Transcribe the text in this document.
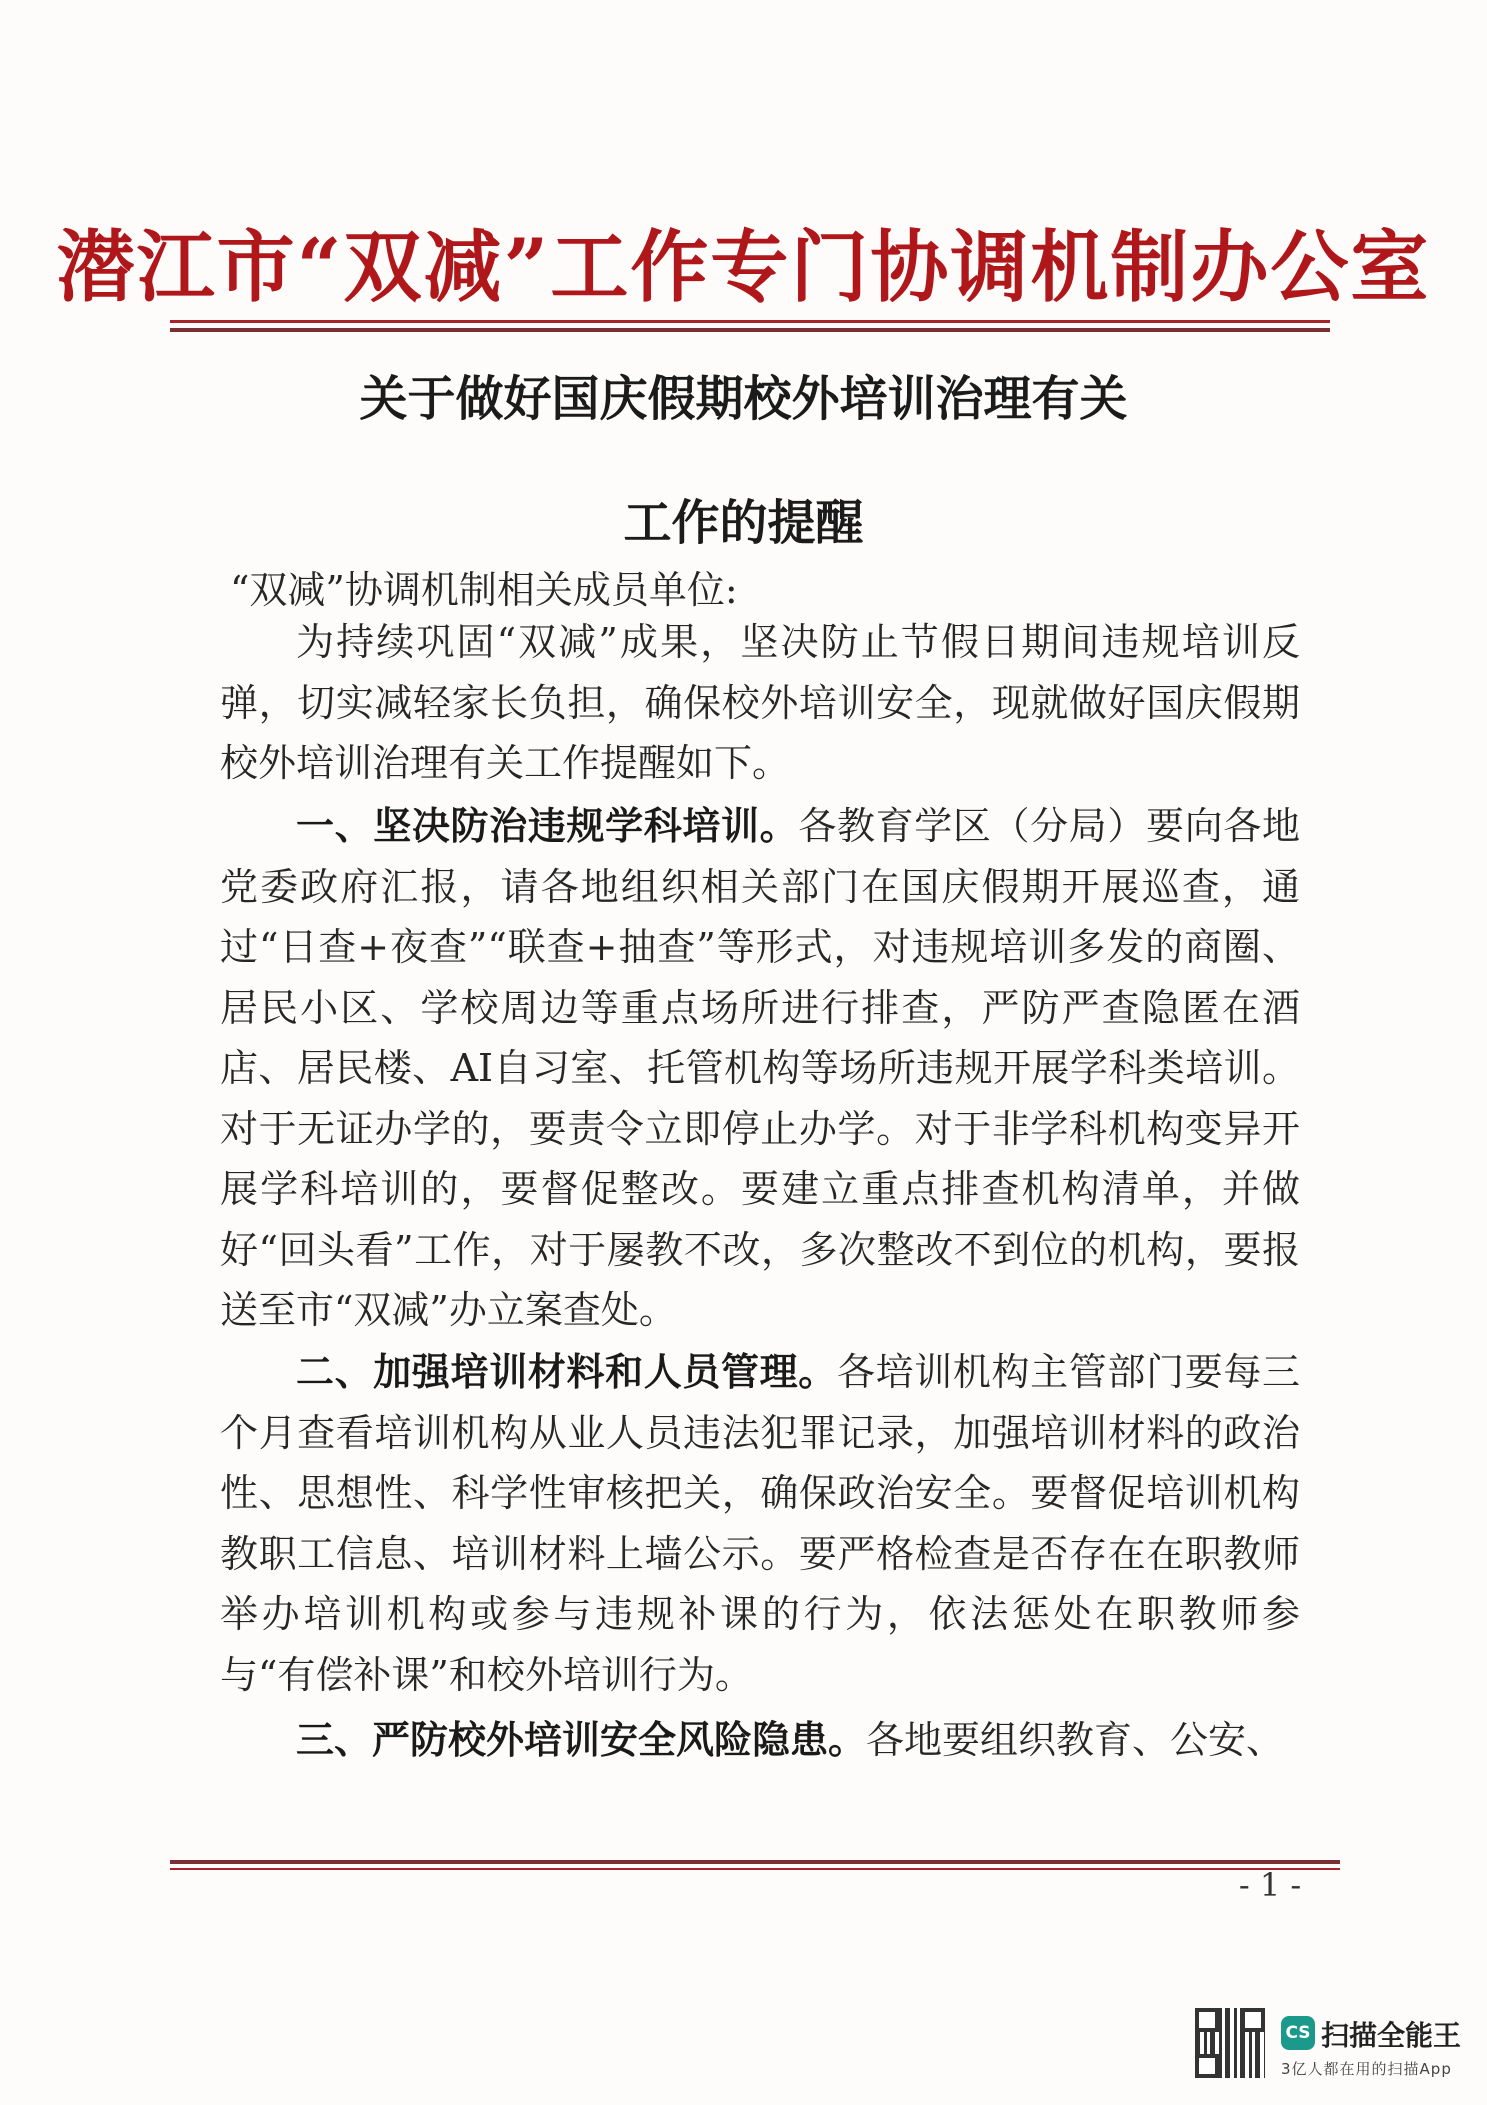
潜江市“双减”工作专门协调机制办公室
关于做好国庆假期校外培训治理有关
工作的提醒
“双减”协调机制相关成员单位:

为持续巩固“双减”成果，坚决防止节假日期间违规培训反弹，切实减轻家长负担，确保校外培训安全，现就做好国庆假期校外培训治理有关工作提醒如下。

一、坚决防治违规学科培训。各教育学区（分局）要向各地党委政府汇报，请各地组织相关部门在国庆假期开展巡查，通过“日查+夜查”“联查+抽查”等形式，对违规培训多发的商圈、居民小区、学校周边等重点场所进行排查，严防严查隐匿在酒店、居民楼、AI自习室、托管机构等场所违规开展学科类培训。对于无证办学的，要责令立即停止办学。对于非学科机构变异开展学科培训的，要督促整改。要建立重点排查机构清单，并做好“回头看”工作，对于屡教不改，多次整改不到位的机构，要报送至市“双减”办立案查处。

二、加强培训材料和人员管理。各培训机构主管部门要每三个月查看培训机构从业人员违法犯罪记录，加强培训材料的政治性、思想性、科学性审核把关，确保政治安全。要督促培训机构教职工信息、培训材料上墙公示。要严格检查是否存在在职教师举办培训机构或参与违规补课的行为，依法惩处在职教师参与“有偿补课”和校外培训行为。

三、严防校外培训安全风险隐患。各地要组织教育、公安、

- 1 -
CS 扫描全能王
3亿人都在用的扫描App
